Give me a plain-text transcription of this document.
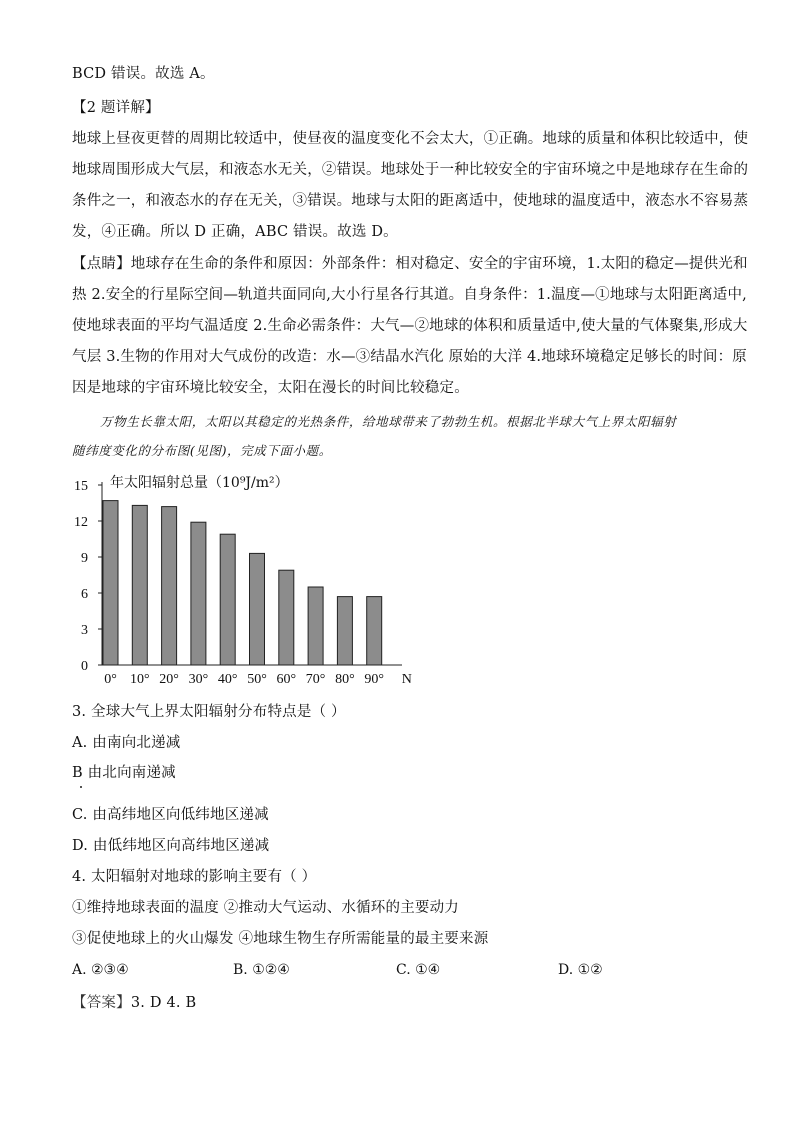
BCD 错误。故选 A。
【2 题详解】
地球上昼夜更替的周期比较适中，使昼夜的温度变化不会太大，①正确。地球的质量和体积比较适中，使
地球周围形成大气层，和液态水无关，②错误。地球处于一种比较安全的宇宙环境之中是地球存在生命的
条件之一，和液态水的存在无关，③错误。地球与太阳的距离适中，使地球的温度适中，液态水不容易蒸
发，④正确。所以 D 正确，ABC 错误。故选 D。
【点睛】地球存在生命的条件和原因：外部条件：相对稳定、安全的宇宙环境，1.太阳的稳定—提供光和
热 2.安全的行星际空间—轨道共面同向,大小行星各行其道。自身条件：1.温度—①地球与太阳距离适中,
使地球表面的平均气温适度 2.生命必需条件：大气—②地球的体积和质量适中,使大量的气体聚集,形成大
气层 3.生物的作用对大气成份的改造：水—③结晶水汽化 原始的大洋 4.地球环境稳定足够长的时间：原
因是地球的宇宙环境比较安全，太阳在漫长的时间比较稳定。
万物生长靠太阳，太阳以其稳定的光热条件，给地球带来了勃勃生机。根据北半球大气上界太阳辐射
随纬度变化的分布图(见图)，完成下面小题。
0
3
6
9
12
15
0° 10° 20° 30° 40° 50° 60° 70° 80° 90° N
年太阳辐射总量（10⁹J/m²）
3. 全球大气上界太阳辐射分布特点是（ ）
A. 由南向北递减
B 由北向南递减
C. 由高纬地区向低纬地区递减
D. 由低纬地区向高纬地区递减
4. 太阳辐射对地球的影响主要有（ ）
①维持地球表面的温度 ②推动大气运动、水循环的主要动力
③促使地球上的火山爆发 ④地球生物生存所需能量的最主要来源
A. ②③④	B. ①②④	C. ①④	D. ①②
【答案】3. D 4. B
